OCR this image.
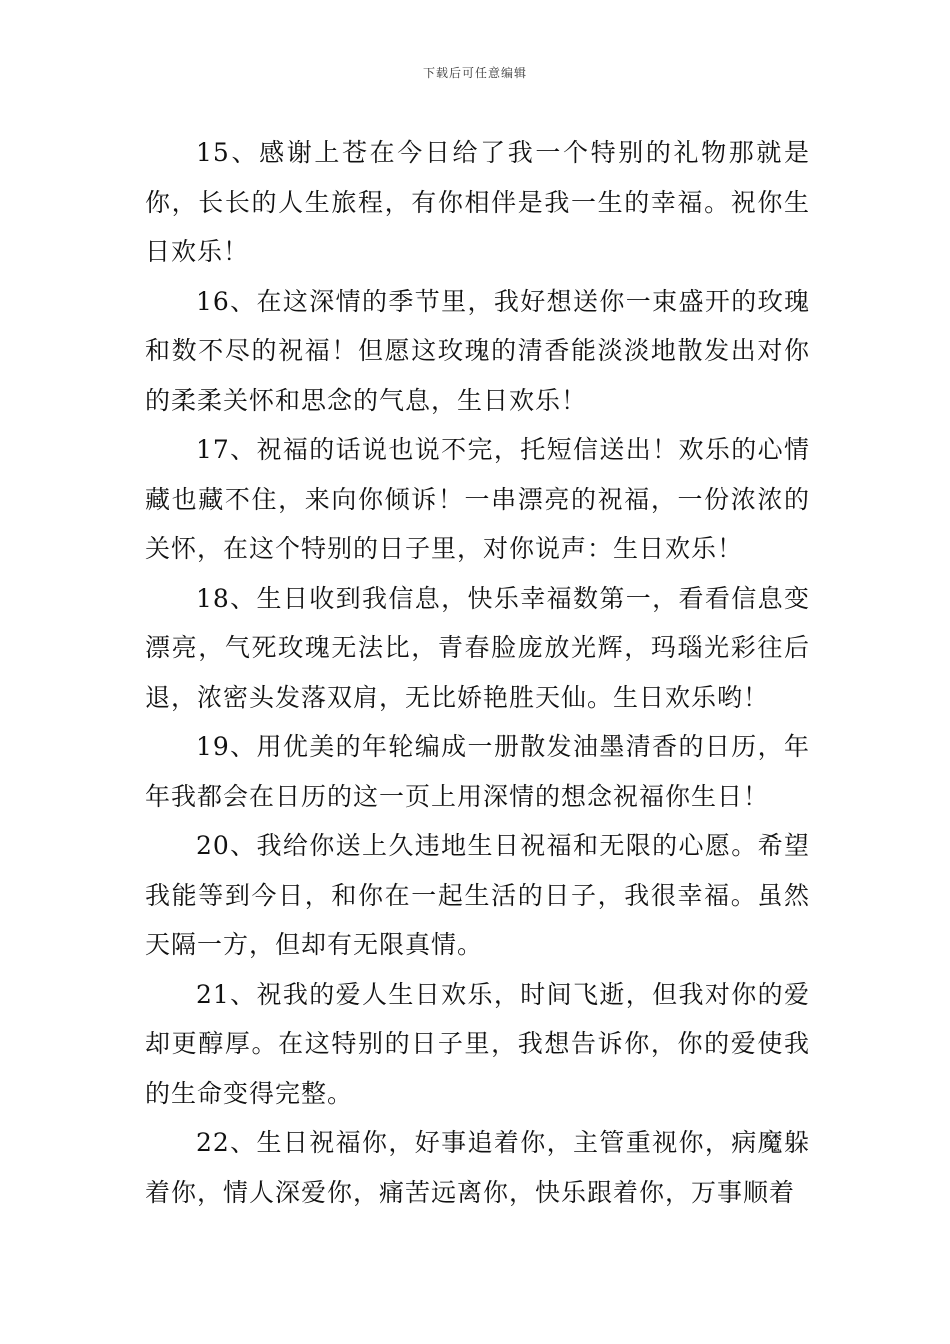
下载后可任意编辑

15、感谢上苍在今日给了我一个特别的礼物那就是你，长长的人生旅程，有你相伴是我一生的幸福。祝你生日欢乐！

16、在这深情的季节里，我好想送你一束盛开的玫瑰和数不尽的祝福！但愿这玫瑰的清香能淡淡地散发出对你的柔柔关怀和思念的气息，生日欢乐！

17、祝福的话说也说不完，托短信送出！欢乐的心情藏也藏不住，来向你倾诉！一串漂亮的祝福，一份浓浓的关怀，在这个特别的日子里，对你说声：生日欢乐！

18、生日收到我信息，快乐幸福数第一，看看信息变漂亮，气死玫瑰无法比，青春脸庞放光辉，玛瑙光彩往后退，浓密头发落双肩，无比娇艳胜天仙。生日欢乐哟！

19、用优美的年轮编成一册散发油墨清香的日历，年年我都会在日历的这一页上用深情的想念祝福你生日！

20、我给你送上久违地生日祝福和无限的心愿。希望我能等到今日，和你在一起生活的日子，我很幸福。虽然天隔一方，但却有无限真情。

21、祝我的爱人生日欢乐，时间飞逝，但我对你的爱却更醇厚。在这特别的日子里，我想告诉你，你的爱使我的生命变得完整。

22、生日祝福你，好事追着你，主管重视你，病魔躲着你，情人深爱你，痛苦远离你，快乐跟着你，万事顺着
